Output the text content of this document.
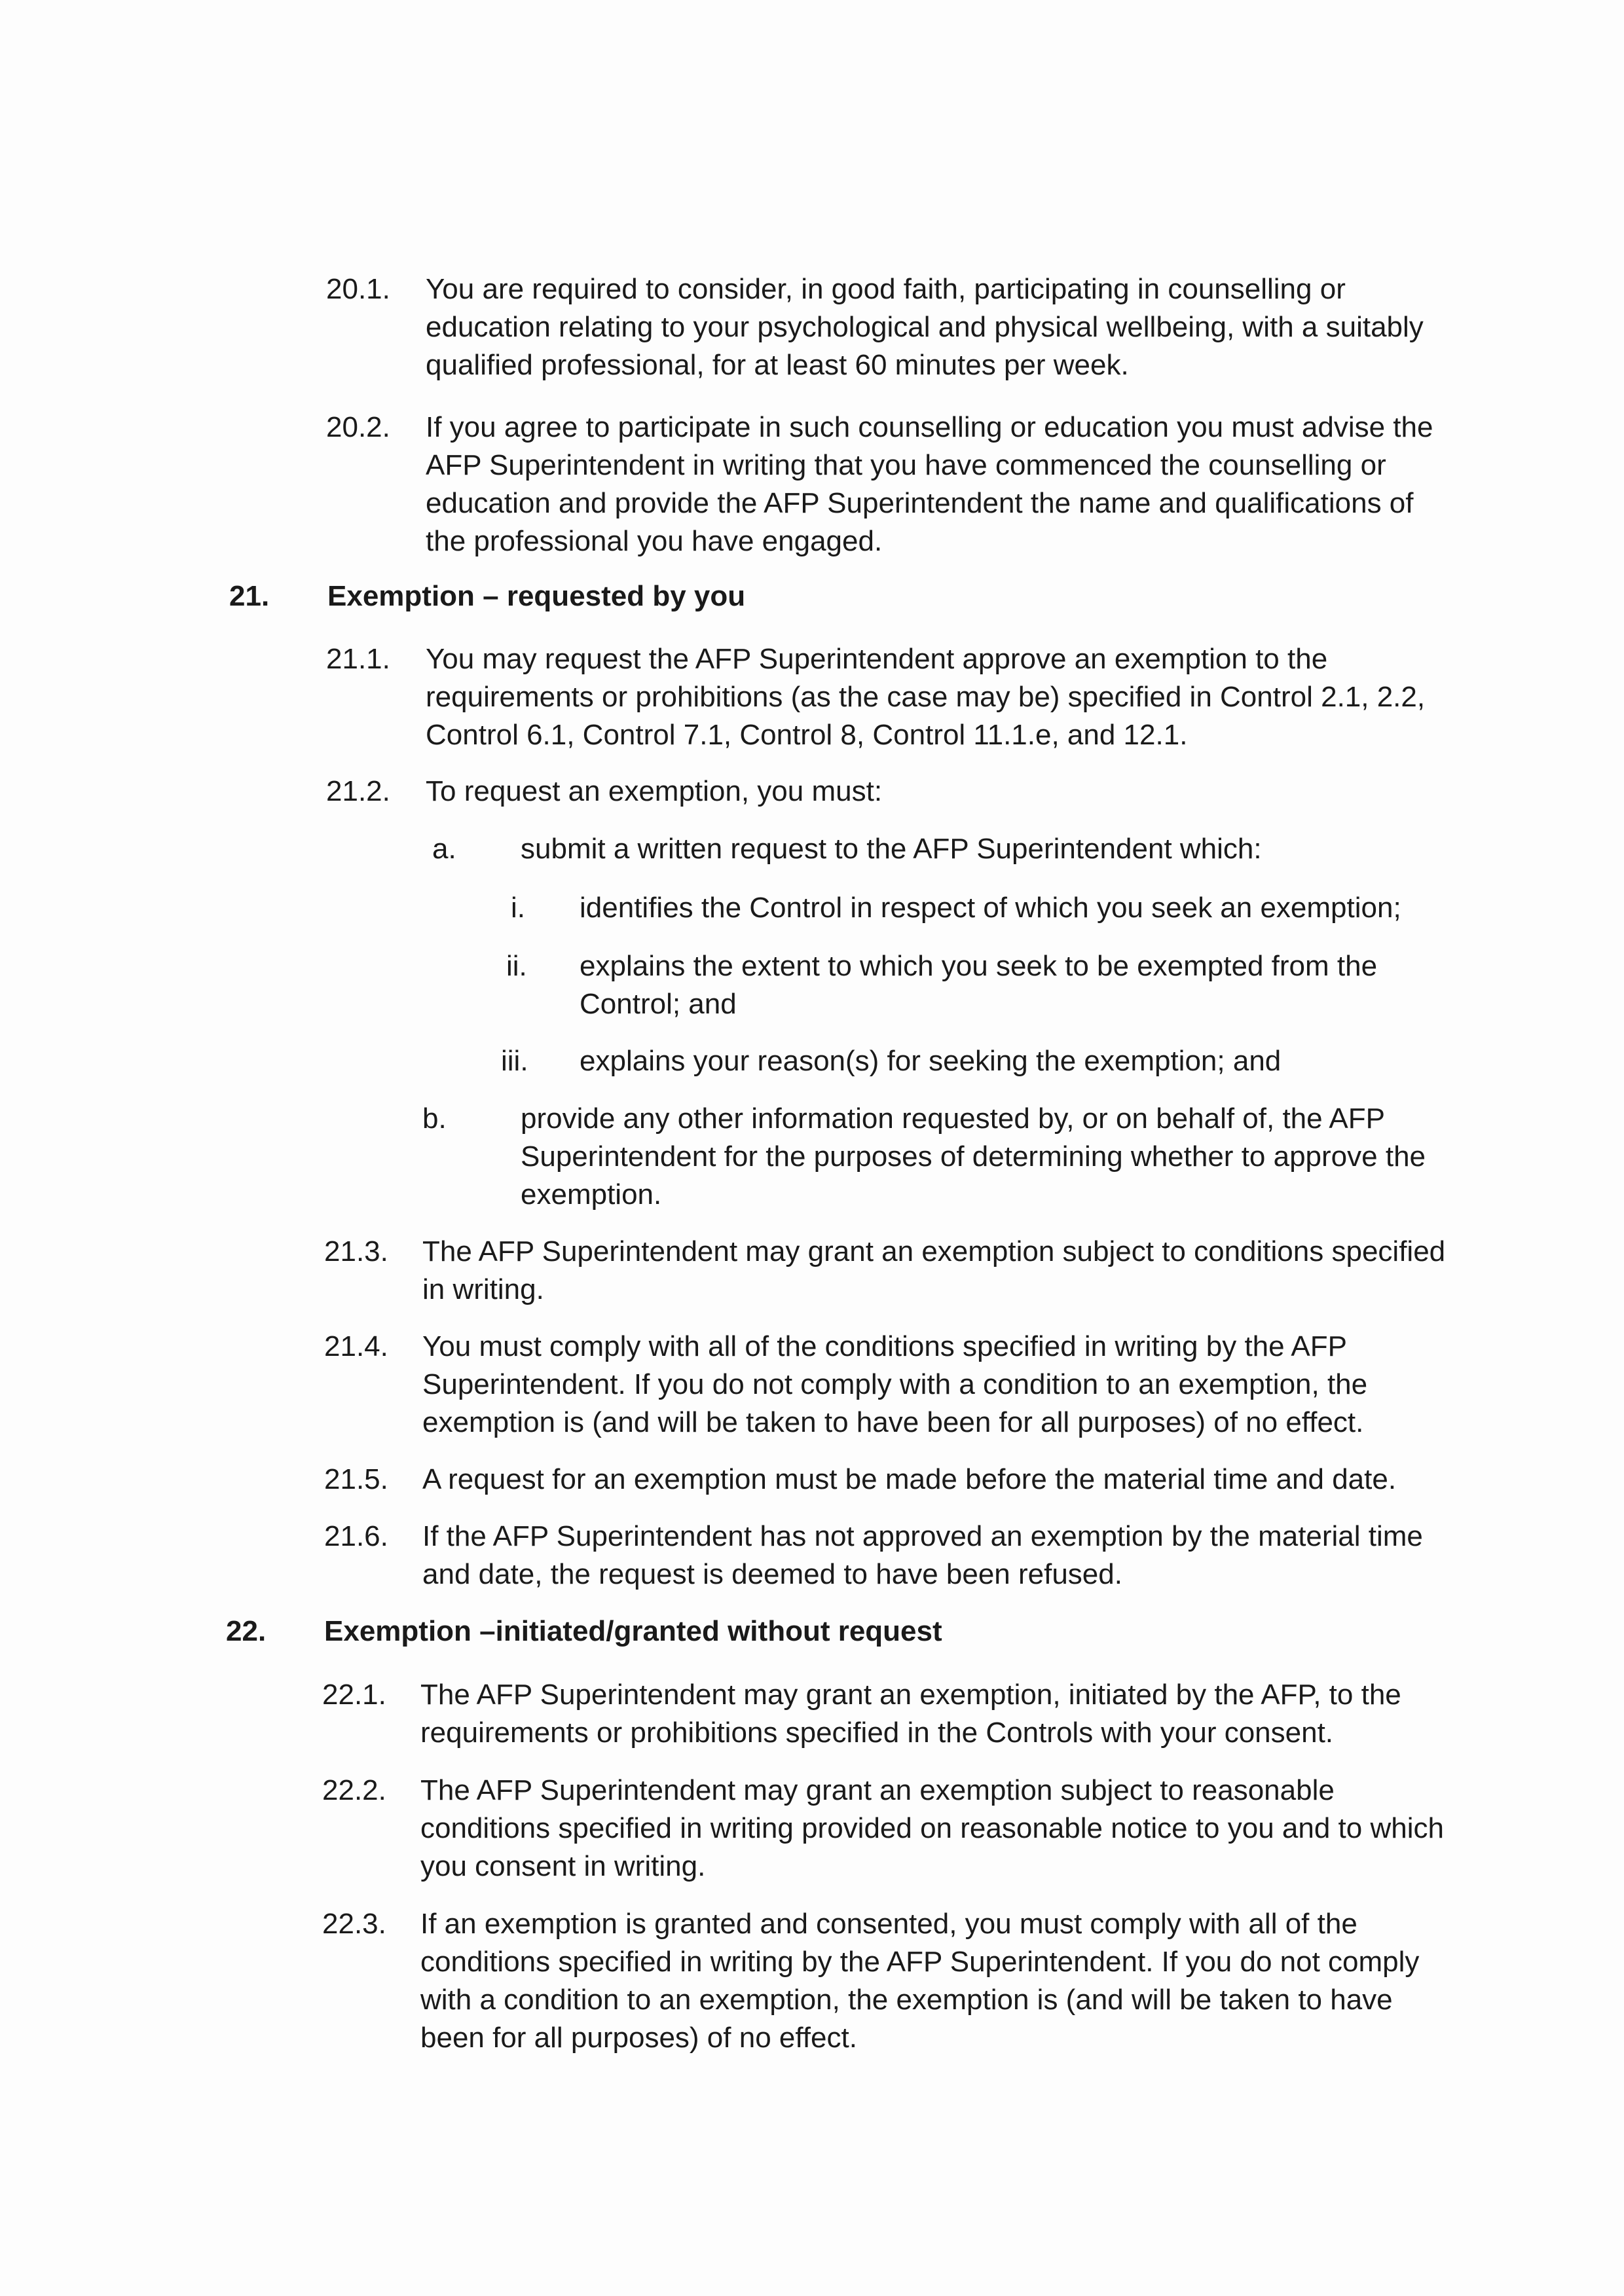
20.1. You are required to consider, in good faith, participating in counselling or education relating to your psychological and physical wellbeing, with a suitably qualified professional, for at least 60 minutes per week.
20.2. If you agree to participate in such counselling or education you must advise the AFP Superintendent in writing that you have commenced the counselling or education and provide the AFP Superintendent the name and qualifications of the professional you have engaged.
21. Exemption – requested by you
21.1. You may request the AFP Superintendent approve an exemption to the requirements or prohibitions (as the case may be) specified in Control 2.1, 2.2, Control 6.1, Control 7.1, Control 8, Control 11.1.e, and 12.1.
21.2. To request an exemption, you must:
a. submit a written request to the AFP Superintendent which:
i. identifies the Control in respect of which you seek an exemption;
ii. explains the extent to which you seek to be exempted from the Control; and
iii. explains your reason(s) for seeking the exemption; and
b.	provide any other information requested by, or on behalf of, the AFP Superintendent for the purposes of determining whether to approve the exemption.
21.3. The AFP Superintendent may grant an exemption subject to conditions specified in writing.
21.4. You must comply with all of the conditions specified in writing by the AFP Superintendent. If you do not comply with a condition to an exemption, the exemption is (and will be taken to have been for all purposes) of no effect.
21.5. A request for an exemption must be made before the material time and date.
21.6. If the AFP Superintendent has not approved an exemption by the material time and date, the request is deemed to have been refused.
22. Exemption –initiated/granted without request
22.1. The AFP Superintendent may grant an exemption, initiated by the AFP, to the requirements or prohibitions specified in the Controls with your consent.
22.2. The AFP Superintendent may grant an exemption subject to reasonable conditions specified in writing provided on reasonable notice to you and to which you consent in writing.
22.3. If an exemption is granted and consented, you must comply with all of the conditions specified in writing by the AFP Superintendent. If you do not comply with a condition to an exemption, the exemption is (and will be taken to have been for all purposes) of no effect.
